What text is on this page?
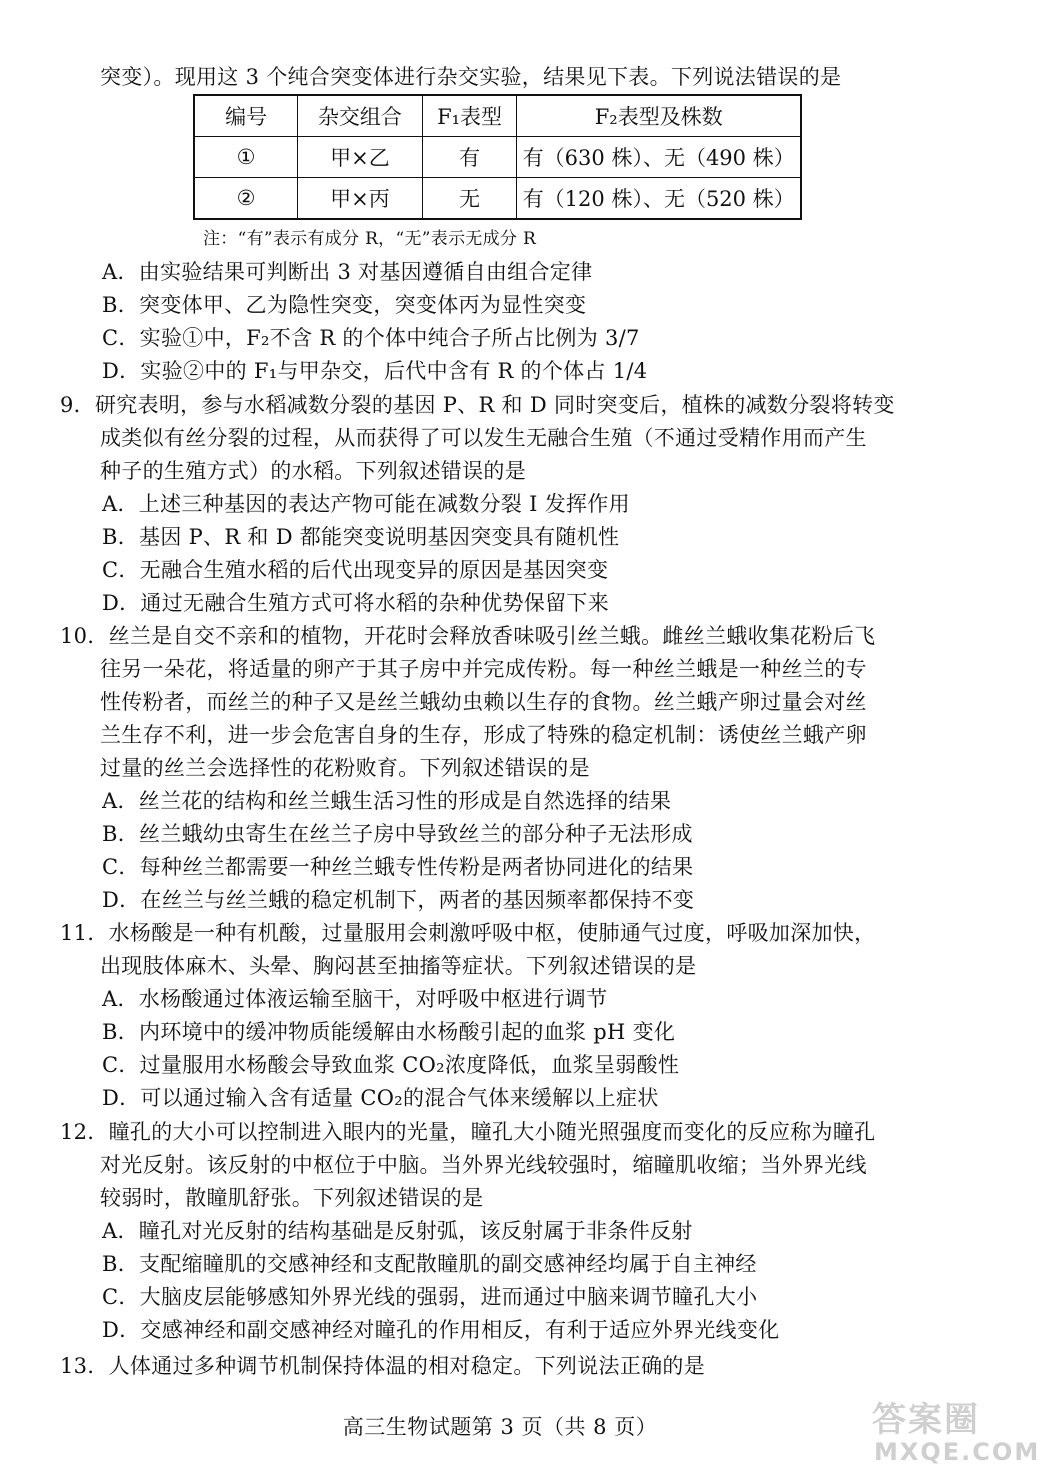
突变）。现用这 3 个纯合突变体进行杂交实验，结果见下表。下列说法错误的是
编号	杂交组合	F₁表型	F₂表型及株数
①	甲×乙	有	有（630 株）、无（490 株）
②	甲×丙	无	有（120 株）、无（520 株）
注：“有”表示有成分 R，“无”表示无成分 R
A．由实验结果可判断出 3 对基因遵循自由组合定律
B．突变体甲、乙为隐性突变，突变体丙为显性突变
C．实验①中，F₂不含 R 的个体中纯合子所占比例为 3/7
D．实验②中的 F₁与甲杂交，后代中含有 R 的个体占 1/4
9．研究表明，参与水稻减数分裂的基因 P、R 和 D 同时突变后，植株的减数分裂将转变
成类似有丝分裂的过程，从而获得了可以发生无融合生殖（不通过受精作用而产生
种子的生殖方式）的水稻。下列叙述错误的是
A．上述三种基因的表达产物可能在减数分裂 Ⅰ 发挥作用
B．基因 P、R 和 D 都能突变说明基因突变具有随机性
C．无融合生殖水稻的后代出现变异的原因是基因突变
D．通过无融合生殖方式可将水稻的杂种优势保留下来
10．丝兰是自交不亲和的植物，开花时会释放香味吸引丝兰蛾。雌丝兰蛾收集花粉后飞
往另一朵花，将适量的卵产于其子房中并完成传粉。每一种丝兰蛾是一种丝兰的专
性传粉者，而丝兰的种子又是丝兰蛾幼虫赖以生存的食物。丝兰蛾产卵过量会对丝
兰生存不利，进一步会危害自身的生存，形成了特殊的稳定机制：诱使丝兰蛾产卵
过量的丝兰会选择性的花粉败育。下列叙述错误的是
A．丝兰花的结构和丝兰蛾生活习性的形成是自然选择的结果
B．丝兰蛾幼虫寄生在丝兰子房中导致丝兰的部分种子无法形成
C．每种丝兰都需要一种丝兰蛾专性传粉是两者协同进化的结果
D．在丝兰与丝兰蛾的稳定机制下，两者的基因频率都保持不变
11．水杨酸是一种有机酸，过量服用会刺激呼吸中枢，使肺通气过度，呼吸加深加快，
出现肢体麻木、头晕、胸闷甚至抽搐等症状。下列叙述错误的是
A．水杨酸通过体液运输至脑干，对呼吸中枢进行调节
B．内环境中的缓冲物质能缓解由水杨酸引起的血浆 pH 变化
C．过量服用水杨酸会导致血浆 CO₂浓度降低，血浆呈弱酸性
D．可以通过输入含有适量 CO₂的混合气体来缓解以上症状
12．瞳孔的大小可以控制进入眼内的光量，瞳孔大小随光照强度而变化的反应称为瞳孔
对光反射。该反射的中枢位于中脑。当外界光线较强时，缩瞳肌收缩；当外界光线
较弱时，散瞳肌舒张。下列叙述错误的是
A．瞳孔对光反射的结构基础是反射弧，该反射属于非条件反射
B．支配缩瞳肌的交感神经和支配散瞳肌的副交感神经均属于自主神经
C．大脑皮层能够感知外界光线的强弱，进而通过中脑来调节瞳孔大小
D．交感神经和副交感神经对瞳孔的作用相反，有利于适应外界光线变化
13．人体通过多种调节机制保持体温的相对稳定。下列说法正确的是
高三生物试题第 3 页（共 8 页）	答案圈
MXQE.COM
